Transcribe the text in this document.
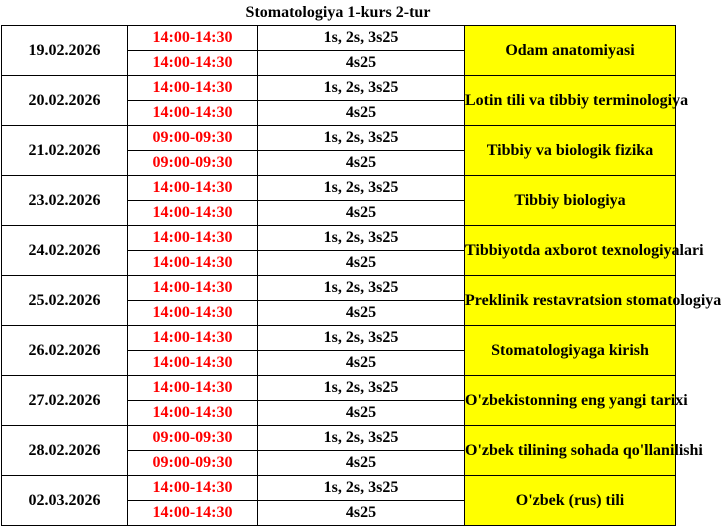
Stomatologiya 1-kurs 2-tur
19.02.2026	14:00-14:30	1s, 2s, 3s25	Odam anatomiyasi
	14:00-14:30	4s25	
20.02.2026	14:00-14:30	1s, 2s, 3s25	Lotin tili va tibbiy terminologiya
	14:00-14:30	4s25	
21.02.2026	09:00-09:30	1s, 2s, 3s25	Tibbiy va biologik fizika
	09:00-09:30	4s25	
23.02.2026	14:00-14:30	1s, 2s, 3s25	Tibbiy biologiya
	14:00-14:30	4s25	
24.02.2026	14:00-14:30	1s, 2s, 3s25	Tibbiyotda axborot texnologiyalari
	14:00-14:30	4s25	
25.02.2026	14:00-14:30	1s, 2s, 3s25	Preklinik restavratsion stomatologiya
	14:00-14:30	4s25	
26.02.2026	14:00-14:30	1s, 2s, 3s25	Stomatologiyaga kirish
	14:00-14:30	4s25	
27.02.2026	14:00-14:30	1s, 2s, 3s25	O'zbekistonning eng yangi tarixi
	14:00-14:30	4s25	
28.02.2026	09:00-09:30	1s, 2s, 3s25	O'zbek tilining sohada qo'llanilishi
	09:00-09:30	4s25	
02.03.2026	14:00-14:30	1s, 2s, 3s25	O'zbek (rus) tili
	14:00-14:30	4s25	
